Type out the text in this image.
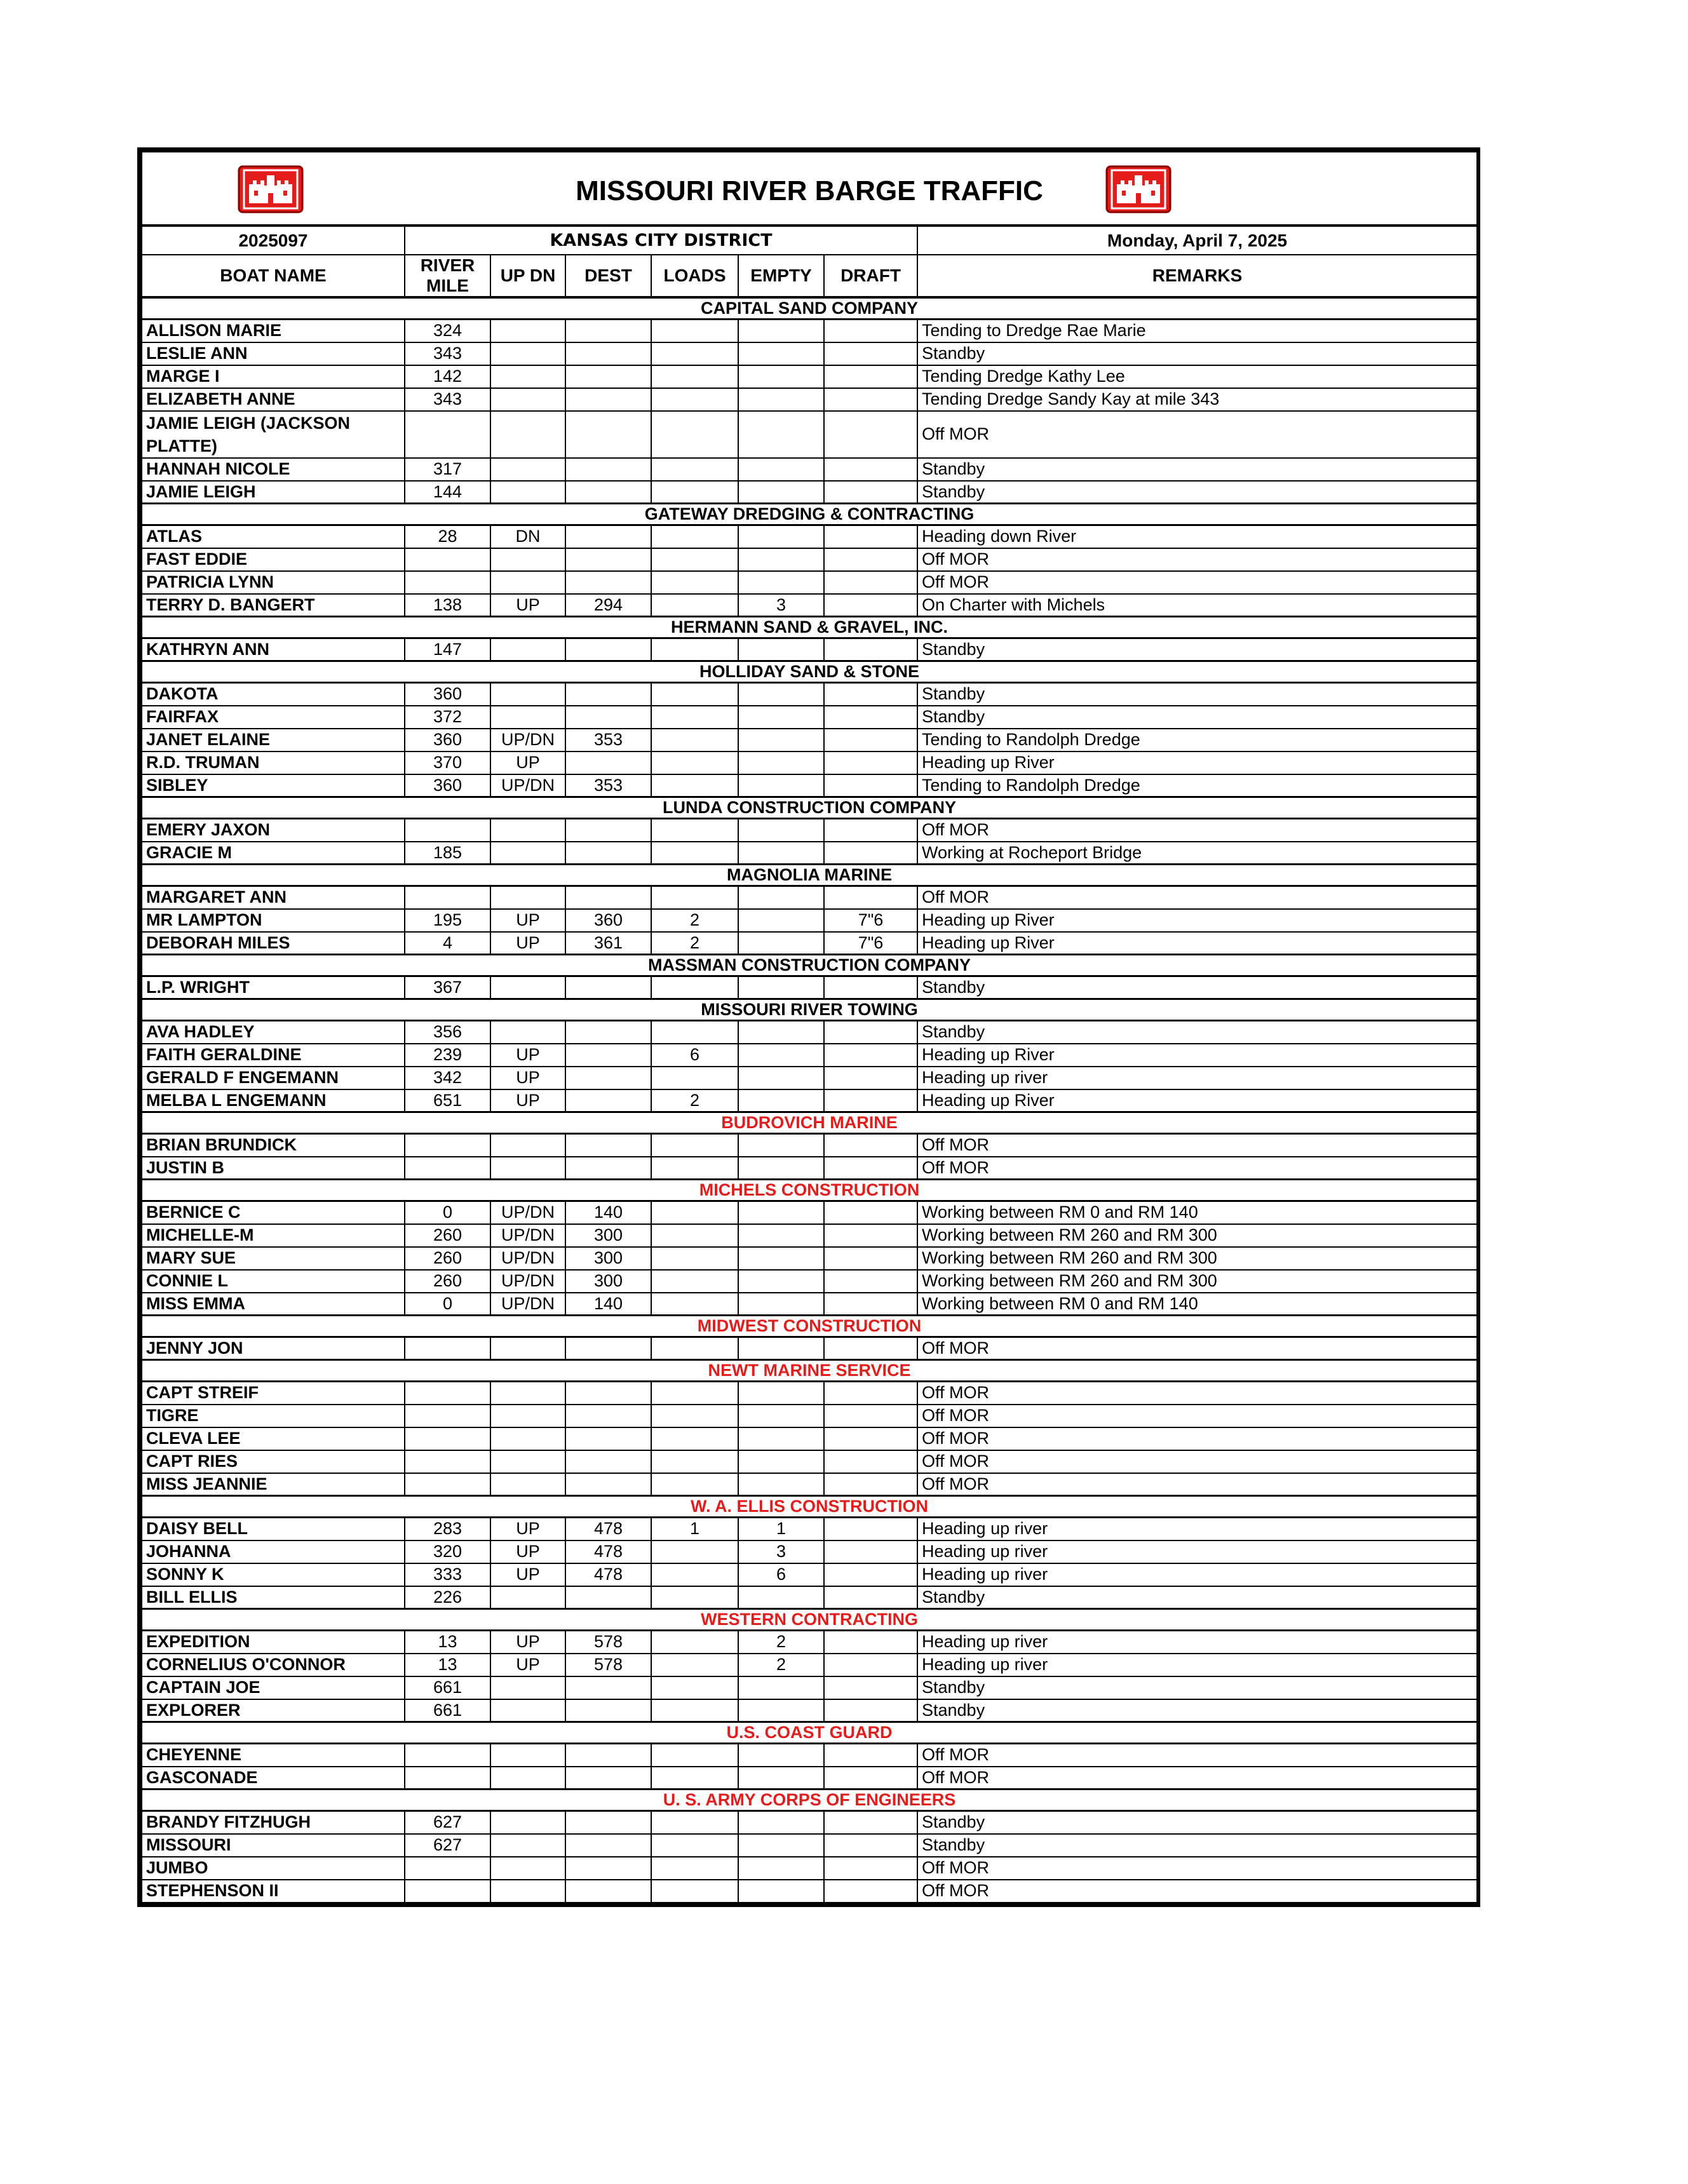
MISSOURI RIVER BARGE TRAFFIC							

2025097	KANSAS CITY DISTRICT						Monday, April 7, 2025
BOAT NAME	RIVER MILE	UP DN	DEST	LOADS	EMPTY	DRAFT	REMARKS
CAPITAL SAND COMPANY							
ALLISON MARIE	324						Tending to Dredge Rae Marie
LESLIE ANN	343						Standby
MARGE I	142						Tending Dredge Kathy Lee
ELIZABETH ANNE	343						Tending Dredge Sandy Kay at mile 343
JAMIE LEIGH (JACKSON PLATTE)							Off MOR
HANNAH NICOLE	317						Standby
JAMIE LEIGH	144						Standby
GATEWAY DREDGING & CONTRACTING							
ATLAS	28	DN					Heading down River
FAST EDDIE							Off MOR
PATRICIA LYNN							Off MOR
TERRY D. BANGERT	138	UP	294		3		On Charter with Michels
HERMANN SAND & GRAVEL, INC.							
KATHRYN ANN	147						Standby
HOLLIDAY SAND & STONE							
DAKOTA	360						Standby
FAIRFAX	372						Standby
JANET ELAINE	360	UP/DN	353				Tending to Randolph Dredge
R.D. TRUMAN	370	UP					Heading up River
SIBLEY	360	UP/DN	353				Tending to Randolph Dredge
LUNDA CONSTRUCTION COMPANY							
EMERY JAXON							Off MOR
GRACIE M	185						Working at Rocheport Bridge
MAGNOLIA MARINE							
MARGARET ANN							Off MOR
MR LAMPTON	195	UP	360	2		7"6	Heading up River
DEBORAH MILES	4	UP	361	2		7"6	Heading up River
MASSMAN CONSTRUCTION COMPANY							
L.P. WRIGHT	367						Standby
MISSOURI RIVER TOWING							
AVA HADLEY	356						Standby
FAITH GERALDINE	239	UP		6			Heading up River
GERALD F ENGEMANN	342	UP					Heading up river
MELBA L ENGEMANN	651	UP		2			Heading up River
BUDROVICH MARINE							
BRIAN BRUNDICK							Off MOR
JUSTIN B							Off MOR
MICHELS CONSTRUCTION							
BERNICE C	0	UP/DN	140				Working between RM 0 and RM 140
MICHELLE-M	260	UP/DN	300				Working between RM 260 and RM 300
MARY SUE	260	UP/DN	300				Working between RM 260 and RM 300
CONNIE L	260	UP/DN	300				Working between RM 260 and RM 300
MISS EMMA	0	UP/DN	140				Working between RM 0 and RM 140
MIDWEST CONSTRUCTION							
JENNY JON							Off MOR
NEWT MARINE SERVICE							
CAPT STREIF							Off MOR
TIGRE							Off MOR
CLEVA LEE							Off MOR
CAPT RIES							Off MOR
MISS JEANNIE							Off MOR
W. A. ELLIS CONSTRUCTION							
DAISY BELL	283	UP	478	1	1		Heading up river
JOHANNA	320	UP	478		3		Heading up river
SONNY K	333	UP	478		6		Heading up river
BILL ELLIS	226						Standby
WESTERN CONTRACTING							
EXPEDITION	13	UP	578		2		Heading up river
CORNELIUS O'CONNOR	13	UP	578		2		Heading up river
CAPTAIN JOE	661						Standby
EXPLORER	661						Standby
U.S. COAST GUARD							
CHEYENNE							Off MOR
GASCONADE							Off MOR
U. S. ARMY CORPS OF ENGINEERS							
BRANDY FITZHUGH	627						Standby
MISSOURI	627						Standby
JUMBO							Off MOR
STEPHENSON II							Off MOR
